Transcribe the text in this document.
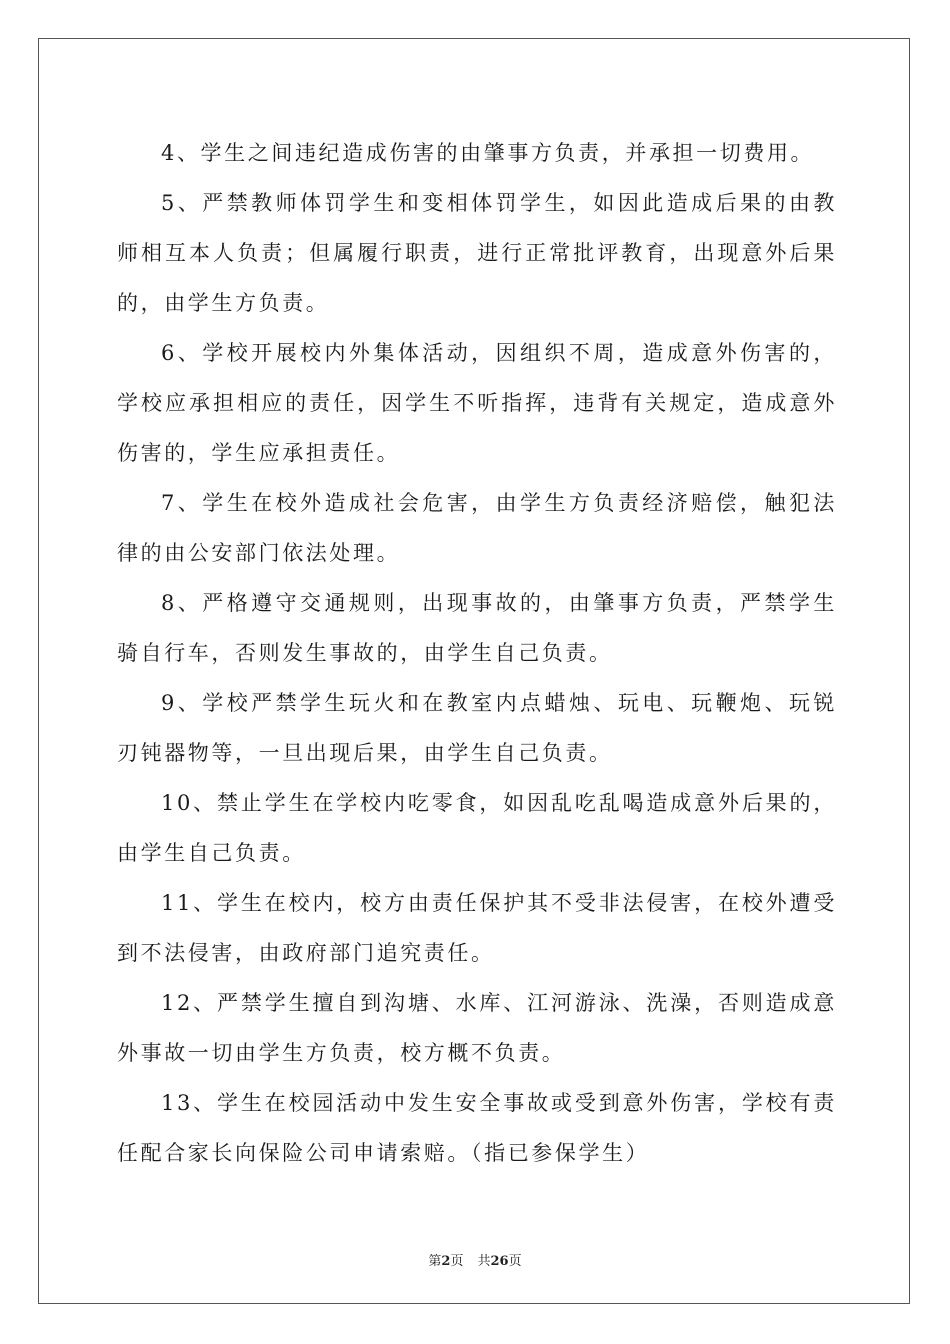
4、学生之间违纪造成伤害的由肇事方负责，并承担一切费用。

5、严禁教师体罚学生和变相体罚学生，如因此造成后果的由教师相互本人负责；但属履行职责，进行正常批评教育，出现意外后果的，由学生方负责。

6、学校开展校内外集体活动，因组织不周，造成意外伤害的，学校应承担相应的责任，因学生不听指挥，违背有关规定，造成意外伤害的，学生应承担责任。

7、学生在校外造成社会危害，由学生方负责经济赔偿，触犯法律的由公安部门依法处理。

8、严格遵守交通规则，出现事故的，由肇事方负责，严禁学生骑自行车，否则发生事故的，由学生自己负责。

9、学校严禁学生玩火和在教室内点蜡烛、玩电、玩鞭炮、玩锐刃钝器物等，一旦出现后果，由学生自己负责。

10、禁止学生在学校内吃零食，如因乱吃乱喝造成意外后果的，由学生自己负责。

11、学生在校内，校方由责任保护其不受非法侵害，在校外遭受到不法侵害，由政府部门追究责任。

12、严禁学生擅自到沟塘、水库、江河游泳、洗澡，否则造成意外事故一切由学生方负责，校方概不负责。

13、学生在校园活动中发生安全事故或受到意外伤害，学校有责任配合家长向保险公司申请索赔。（指已参保学生）

第2页 共26页
